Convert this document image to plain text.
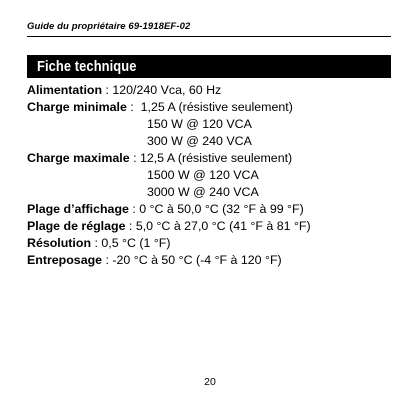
Guide du propriétaire 69-1918EF-02
Fiche technique
Alimentation : 120/240 Vca, 60 Hz
Charge minimale :  1,25 A (résistive seulement)
150 W @ 120 VCA
300 W @ 240 VCA
Charge maximale : 12,5 A (résistive seulement)
1500 W @ 120 VCA
3000 W @ 240 VCA
Plage d’affichage : 0 °C à 50,0 °C (32 °F à 99 °F)
Plage de réglage : 5,0 °C à 27,0 °C (41 °F à 81 °F)
Résolution : 0,5 °C (1 °F)
Entreposage : -20 °C à 50 °C (-4 °F à 120 °F)
20
